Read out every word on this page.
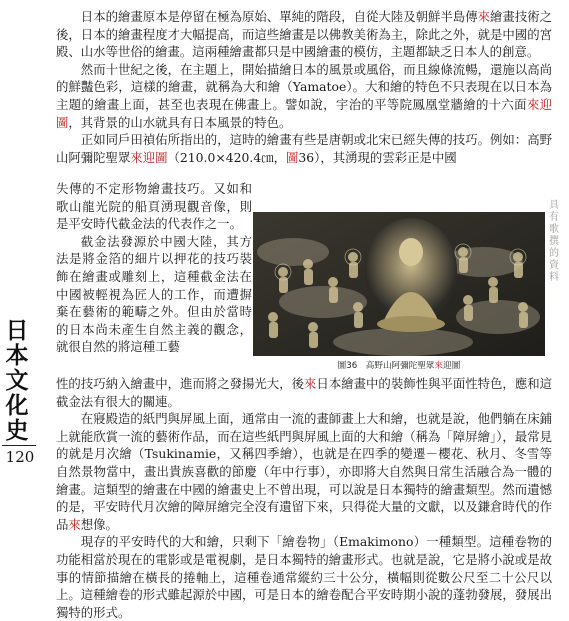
日本的繪畫原本是停留在極為原始、單純的階段，自從大陸及朝鮮半島傳來繪畫技術之後，日本的繪畫程度才大幅提高，而這些繪畫是以佛教美術為主，除此之外，就是中國的宮殿、山水等世俗的繪畫。這兩種繪畫都只是中國繪畫的模仿，主題都缺乏日本人的創意。

然而十世紀之後，在主題上，開始描繪日本的風景或風俗，而且線條流暢，還施以高尚的鮮豔色彩，這樣的繪畫，就稱為大和繪（Yamatoe）。大和繪的特色不只表現在以日本為主題的繪畫上面，甚至也表現在佛畫上。譬如說，宇治的平等院鳳凰堂牆繪的十六面來迎圖，其背景的山水就具有日本風景的特色。

正如同戶田禎佑所指出的，這時的繪畫有些是唐朝或北宋已經失傳的技巧。例如：高野山阿彌陀聖眾來迎圖（210.0×420.4㎝，圖36），其湧現的雲彩正是中國

失傳的不定形物繪畫技巧。又如和歌山龍光院的船頁湧現觀音像，則是平安時代截金法的代表作之一。

截金法發源於中國大陸，其方法是將金箔的細片以押花的技巧裝飾在繪畫或雕刻上，這種截金法在中國被輕視為匠人的工作，而遭摒棄在藝術的範疇之外。但由於當時的日本尚未產生自然主義的觀念，就很自然的將這種工藝

圖36　高野山阿彌陀聖眾來迎圖

性的技巧納入繪畫中，進而將之發揚光大，後來日本繪畫中的裝飾性與平面性特色，應和這截金法有很大的關連。

在寢殿造的紙門與屏風上面，通常由一流的畫師畫上大和繪，也就是說，他們躺在床鋪上就能欣賞一流的藝術作品，而在這些紙門與屏風上面的大和繪（稱為「障屏繪」），最常見的就是月次繪（Tsukinamie，又稱四季繪），也就是在四季的變遷－櫻花、秋月、冬雪等自然景物當中，畫出貴族喜歡的節慶（年中行事），亦即將大自然與日常生活融合為一體的繪畫。這類型的繪畫在中國的繪畫史上不曾出現，可以說是日本獨特的繪畫類型。然而遺憾的是，平安時代月次繪的障屏繪完全沒有遺留下來，只得從大量的文獻，以及鎌倉時代的作品來想像。

現存的平安時代的大和繪，只剩下「繪卷物」（Emakimono）一種類型。這種卷物的功能相當於現在的電影或是電視劇，是日本獨特的繪畫形式。也就是說，它是將小說或是故事的情節描繪在橫長的捲軸上，這種卷通常縱約三十公分，橫幅則從數公尺至二十公尺以上。這種繪卷的形式雖起源於中國，可是日本的繪卷配合平安時期小說的蓬勃發展，發展出獨特的形式。

日
本
文
化
史
120
具
有
歌
撰
的
資
料
